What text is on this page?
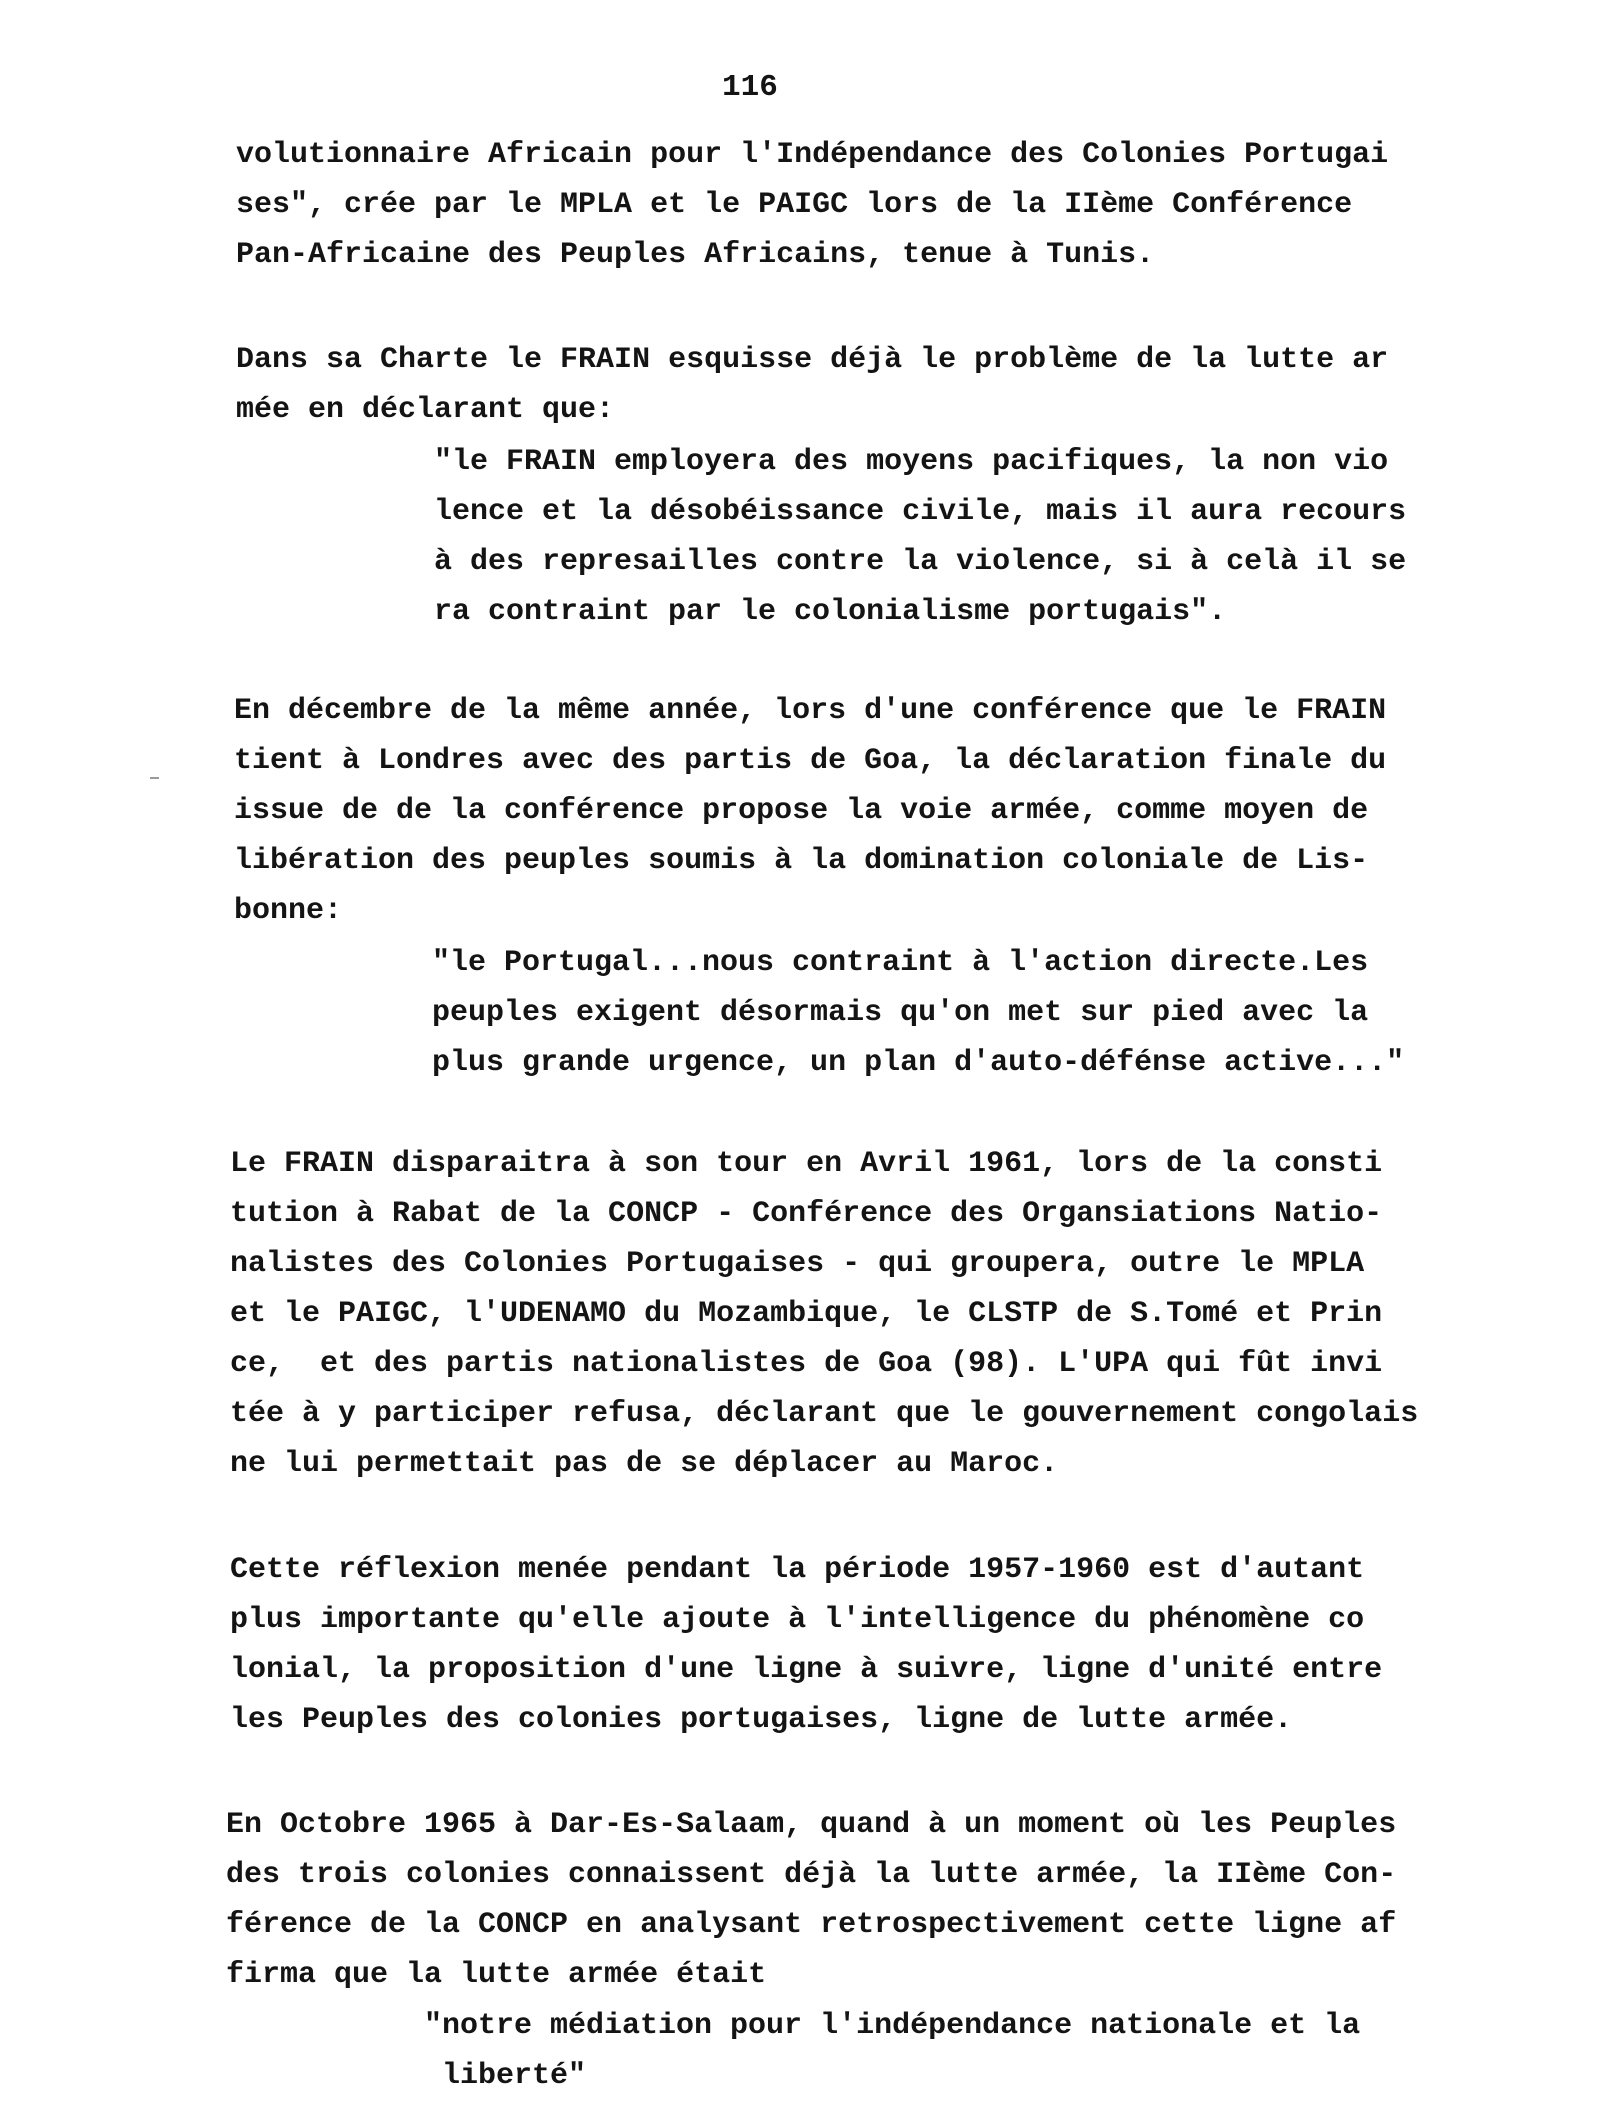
116
volutionnaire Africain pour l'Indépendance des Colonies Portugai
ses", crée par le MPLA et le PAIGC lors de la IIème Conférence
Pan-Africaine des Peuples Africains, tenue à Tunis.
Dans sa Charte le FRAIN esquisse déjà le problème de la lutte ar
mée en déclarant que:
"le FRAIN employera des moyens pacifiques, la non vio
lence et la désobéissance civile, mais il aura recours
à des represailles contre la violence, si à celà il se
ra contraint par le colonialisme portugais".
En décembre de la même année, lors d'une conférence que le FRAIN
tient à Londres avec des partis de Goa, la déclaration finale du
issue de de la conférence propose la voie armée, comme moyen de
libération des peuples soumis à la domination coloniale de Lis-
bonne:
"le Portugal...nous contraint à l'action directe.Les
peuples exigent désormais qu'on met sur pied avec la
plus grande urgence, un plan d'auto-défénse active..."
Le FRAIN disparaitra à son tour en Avril 1961, lors de la consti
tution à Rabat de la CONCP - Conférence des Organsiations Natio-
nalistes des Colonies Portugaises - qui groupera, outre le MPLA
et le PAIGC, l'UDENAMO du Mozambique, le CLSTP de S.Tomé et Prin
ce,  et des partis nationalistes de Goa (98). L'UPA qui fût invi
tée à y participer refusa, déclarant que le gouvernement congolais
ne lui permettait pas de se déplacer au Maroc.
Cette réflexion menée pendant la période 1957-1960 est d'autant
plus importante qu'elle ajoute à l'intelligence du phénomène co
lonial, la proposition d'une ligne à suivre, ligne d'unité entre
les Peuples des colonies portugaises, ligne de lutte armée.
En Octobre 1965 à Dar-Es-Salaam, quand à un moment où les Peuples
des trois colonies connaissent déjà la lutte armée, la IIème Con-
férence de la CONCP en analysant retrospectivement cette ligne af
firma que la lutte armée était
"notre médiation pour l'indépendance nationale et la
liberté"
